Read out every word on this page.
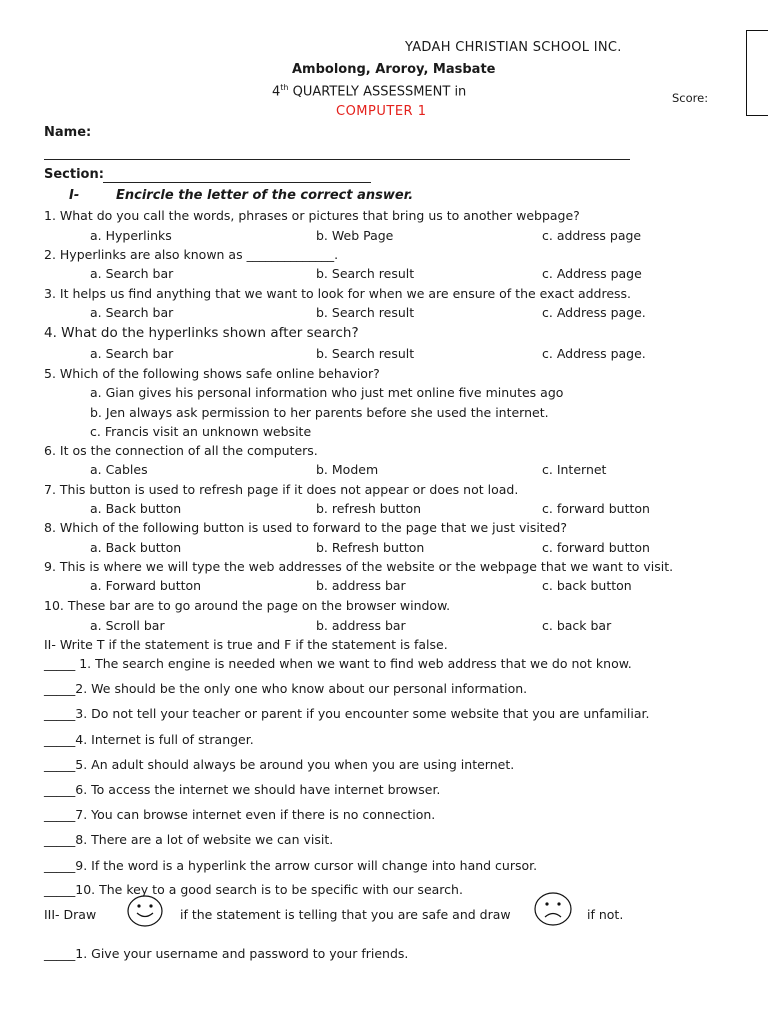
YADAH CHRISTIAN SCHOOL INC.
Ambolong, Aroroy, Masbate
4th QUARTELY ASSESSMENT in
COMPUTER 1
Score:
Name:
Section:
I-	Encircle the letter of the correct answer.
1. What do you call the words, phrases or pictures that bring us to another webpage?
a. Hyperlinks	b. Web Page	c. address page
2. Hyperlinks are also known as ______________.
a. Search bar	b. Search result	c. Address page
3. It helps us find anything that we want to look for when we are ensure of the exact address.
a. Search bar	b. Search result	c. Address page.
4. What do the hyperlinks shown after search?
a. Search bar	b. Search result	c. Address page.
5. Which of the following shows safe online behavior?
a. Gian gives his personal information who just met online five minutes ago
b. Jen always ask permission to her parents before she used the internet.
c. Francis visit an unknown website
6. It os the connection of all the computers.
a. Cables	b. Modem	c. Internet
7. This button is used to refresh page if it does not appear or does not load.
a. Back button	b. refresh button	c. forward button
8. Which of the following button is used to forward to the page that we just visited?
a. Back button	b. Refresh button	c. forward button
9. This is where we will type the web addresses of the website or the webpage that we want to visit.
a. Forward button	b. address bar	c. back button
10. These bar are to go around the page on the browser window.
a. Scroll bar	b. address bar	c. back bar
II- Write T if the statement is true and F if the statement is false.
_____ 1. The search engine is needed when we want to find web address that we do not know.
_____2. We should be the only one who know about our personal information.
_____3. Do not tell your teacher or parent if you encounter some website that you are unfamiliar.
_____4. Internet is full of stranger.
_____5. An adult should always be around you when you are using internet.
_____6. To access the internet we should have internet browser.
_____7. You can browse internet even if there is no connection.
_____8. There are a lot of website we can visit.
_____9. If the word is a hyperlink the arrow cursor will change into hand cursor.
_____10. The key to a good search is to be specific with our search.
III- Draw	if the statement is telling that you are safe and draw	if not.
_____1. Give your username and password to your friends.
